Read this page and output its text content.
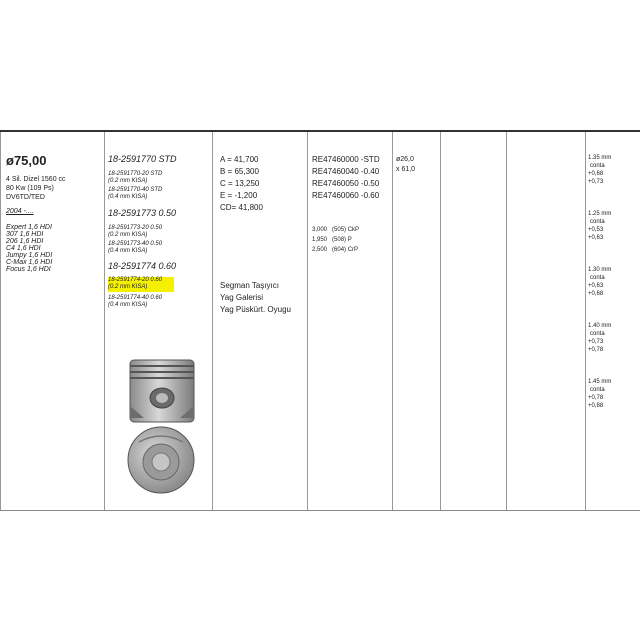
ø75,00
4 Sil. Dizel 1560 cc
80 Kw (109 Ps)
DV6TD/TED
2004 -....
Expert 1,6 HDI
307 1,6 HDI
206 1,6 HDI
C4 1,6 HDI
Jumpy 1,6 HDI
C-Max 1,6 HDI
Focus 1,6 HDI
18-2591770 STD
18-2591770-20 STD
(0.2 mm KISA)
18-2591770-40 STD
(0.4 mm KISA)
18-2591773 0.50
18-2591773-20 0.50
(0.2 mm KISA)
18-2591773-40 0.50
(0.4 mm KISA)
18-2591774 0.60
18-2591774-20 0.60
(0.2 mm KISA)
18-2591774-40 0.60
(0.4 mm KISA)
A = 41,700
B = 65,300
C = 13,250
E = -1,200
CD= 41,800
Segman Taşıyıcı
Yag Galerisi
Yag Püskürt. Oyugu
RE47460000 -STD
RE47460040 -0.40
RE47460050 -0.50
RE47460060 -0.60
3,000   (505) CkP
1,950   (508) P
2,500   (604) CrP
ø26,0
x 61,0
1.35 mm
conta
+0,68
+0,73
1.25 mm
conta
+0,53
+0,63
1.30 mm
conta
+0,63
+0,68
1.40 mm
conta
+0,73
+0,78
1.45 mm
conta
+0,78
+0,88
